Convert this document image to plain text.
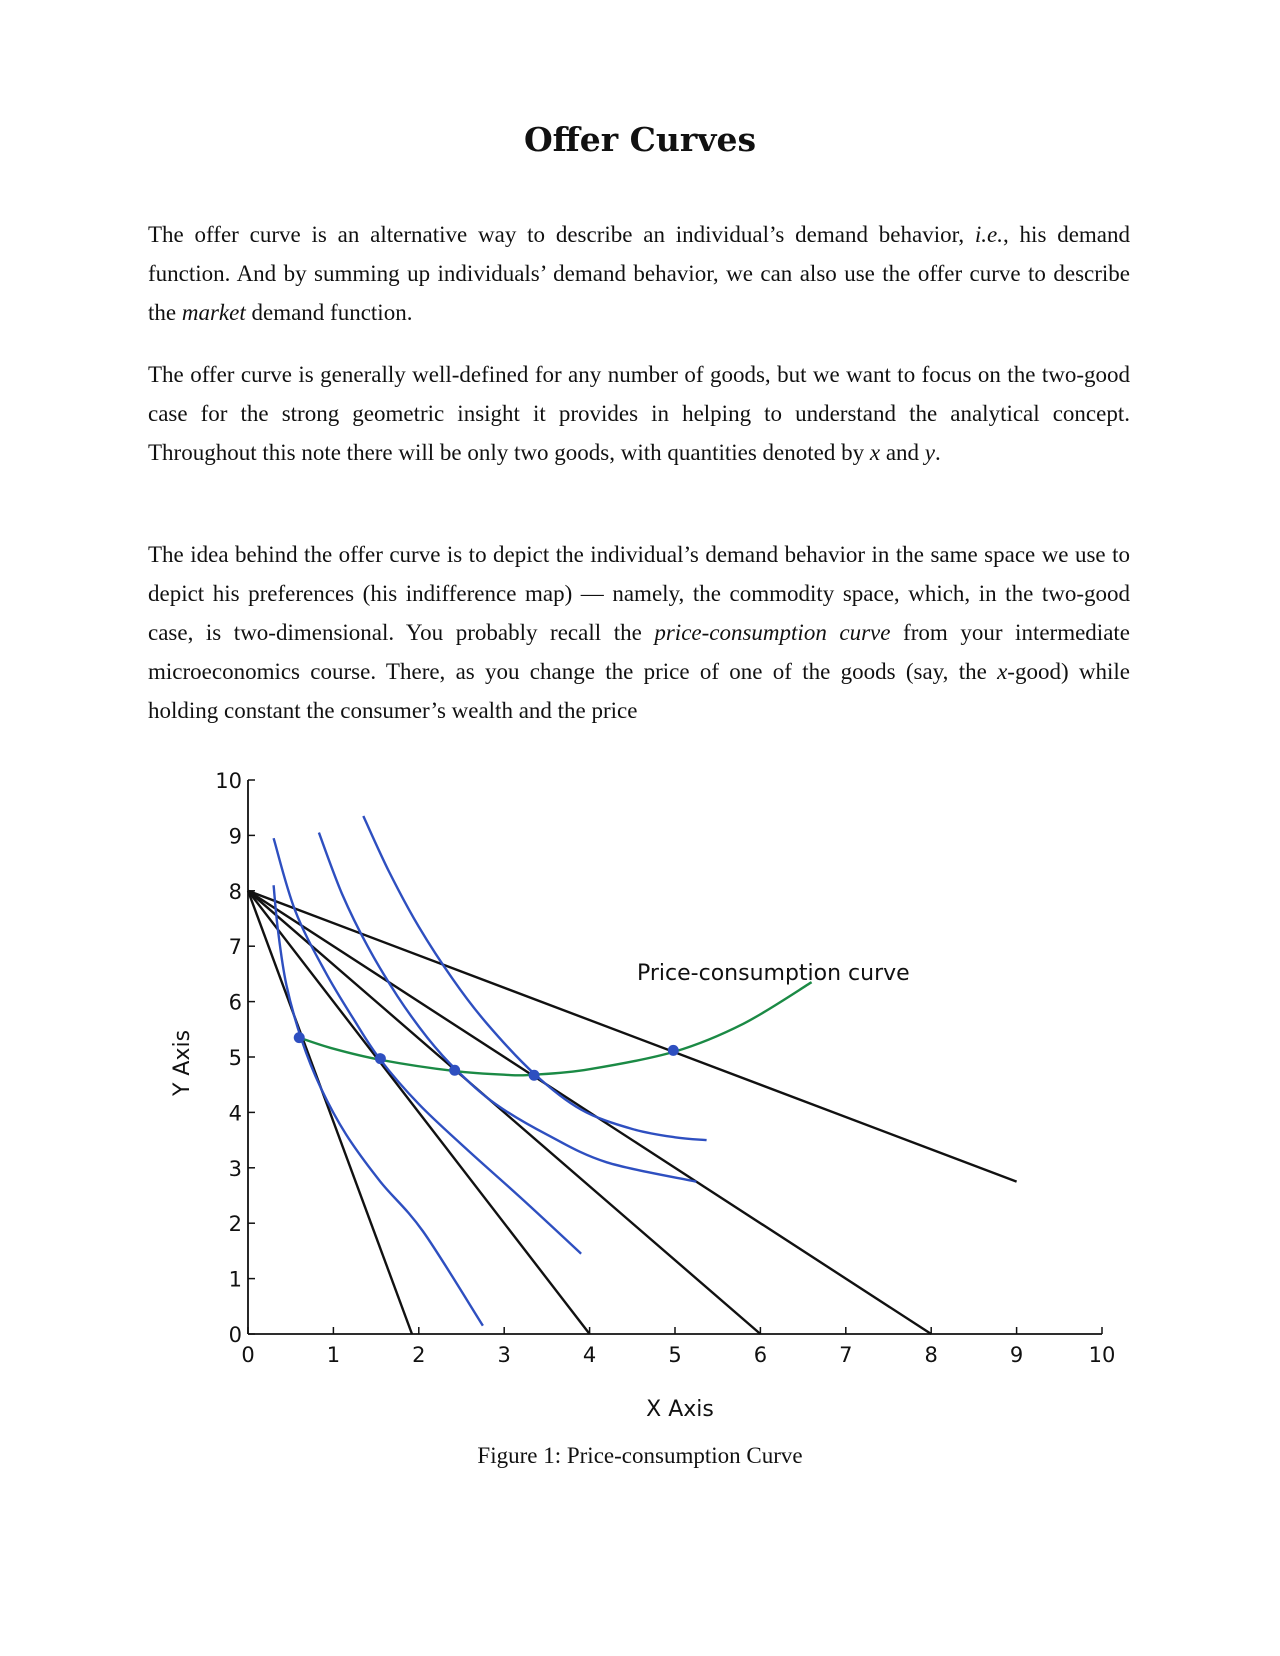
Offer Curves

The offer curve is an alternative way to describe an individual’s demand behavior, i.e., his demand function. And by summing up individuals’ demand behavior, we can also use the offer curve to describe the market demand function.

The offer curve is generally well-defined for any number of goods, but we want to focus on the two-good case for the strong geometric insight it provides in helping to understand the analytical concept. Throughout this note there will be only two goods, with quantities denoted by x and y.

The idea behind the offer curve is to depict the individual’s demand behavior in the same space we use to depict his preferences (his indifference map) — namely, the commodity space, which, in the two-good case, is two-dimensional. You probably recall the price-consumption curve from your intermediate microeconomics course. There, as you change the price of one of the goods (say, the x-good) while holding constant the consumer’s wealth and the price

0	1	2	3	4	5	6	7	8	9	10
0
1
2
3
4
5
6
7
8
9
10
X Axis
Y Axis
Price-consumption curve

Figure 1: Price-consumption Curve
